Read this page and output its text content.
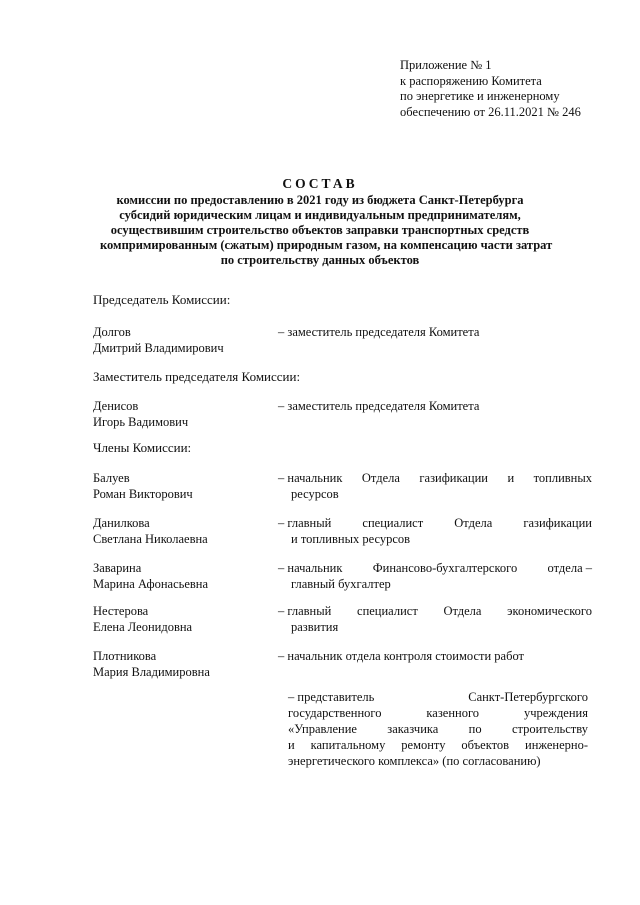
Приложение № 1
к распоряжению Комитета
по энергетике и инженерному
обеспечению от 26.11.2021 № 246
СОСТАВ
комиссии по предоставлению в 2021 году из бюджета Санкт-Петербурга
субсидий юридическим лицам и индивидуальным предпринимателям,
осуществившим строительство объектов заправки транспортных средств
компримированным (сжатым) природным газом, на компенсацию части затрат
по строительству данных объектов
Председатель Комиссии:
Долгов
Дмитрий Владимирович
– заместитель председателя Комитета
Заместитель председателя Комиссии:
Денисов
Игорь Вадимович
– заместитель председателя Комитета
Члены Комиссии:
Балуев
Роман Викторович
– начальник Отдела газификации и топливных
ресурсов
Данилкова
Светлана Николаевна
– главный специалист Отдела газификации
и топливных ресурсов
Заварина
Марина Афонасьевна
– начальник Финансово-бухгалтерского отдела –
главный бухгалтер
Нестерова
Елена Леонидовна
– главный специалист Отдела экономического
развития
Плотникова
Мария Владимировна
– начальник отдела контроля стоимости работ
– представитель	Санкт-Петербургского
государственного	казенного	учреждения
«Управление заказчика по строительству
и капитальному ремонту объектов инженерно-
энергетического комплекса» (по согласованию)
